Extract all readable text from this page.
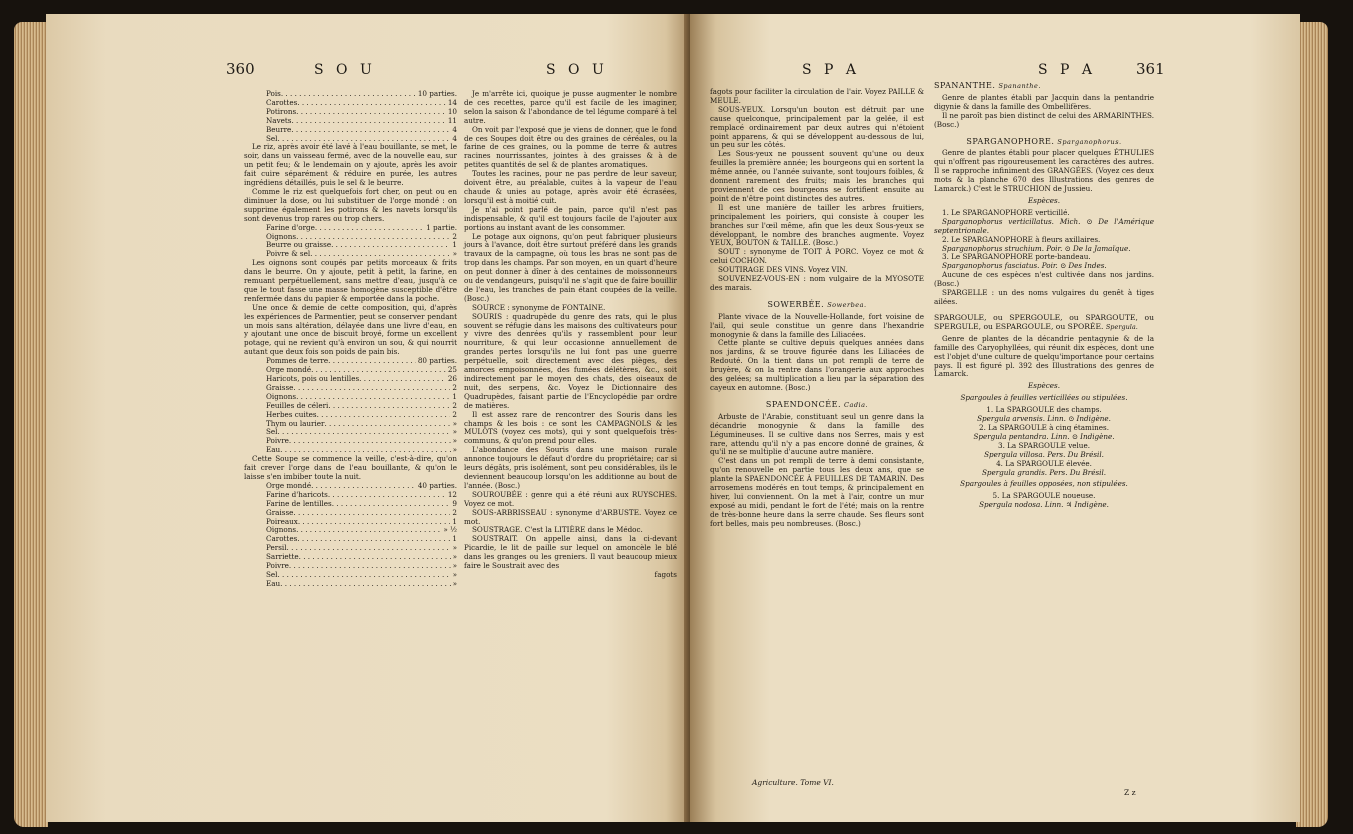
360	S O U	S O U
Pois . . .	10 parties.
Carottes . . .	14
Potirons . . .	10
Navets . . .	11
Beurre . . .	4
Sel . . .	4

Le riz, après avoir été lavé à l'eau bouillante, se met, le soir, dans un vaisseau fermé, avec de la nouvelle eau, sur un petit feu; & le lendemain on y ajoute, après les avoir fait cuire séparément & réduire en purée, les autres ingrédiens détaillés, puis le sel & le beurre.

Comme le riz est quelquefois fort cher, on peut ou en diminuer la dose, ou lui substituer de l'orge mondé : on supprime également les potirons & les navets lorsqu'ils sont devenus trop rares ou trop chers.

Farine d'orge . . .	1 partie.
Oignons . . .	2
Beurre ou graisse . . .	1
Poivre & sel . . .	»

Les oignons sont coupés par petits morceaux & frits dans le beurre. On y ajoute, petit à petit, la farine, en remuant perpétuellement, sans mettre d'eau, jusqu'à ce que le tout fasse une masse homogène susceptible d'être renfermée dans du papier & emportée dans la poche.

Une once & demie de cette composition, qui, d'après les expériences de Parmentier, peut se conserver pendant un mois sans altération, délayée dans une livre d'eau, en y ajoutant une once de biscuit broyé, forme un excellent potage, qui ne revient qu'à environ un sou, & qui nourrit autant que deux fois son poids de pain bis.

Pommes de terre . . .	80 parties.
Orge mondé . . .	25
Haricots, pois ou lentilles . . .	26
Graisse . . .	2
Oignons . . .	1
Feuilles de céleri . . .	2
Herbes cuites . . .	2
Thym ou laurier . . .	»
Sel . . .	»
Poivre . . .	»
Eau . . .	»

Cette Soupe se commence la veille, c'est-à-dire, qu'on fait crever l'orge dans de l'eau bouillante, & qu'on le laisse s'en imbiber toute la nuit.

Orge mondé . . .	40 parties.
Farine d'haricots . . .	12
Farine de lentilles . . .	9
Graisse . . .	2
Poireaux . . .	1
Oignons . . .	» ½
Carottes . . .	1
Persil . . .	»
Sarriette . . .	»
Poivre . . .	»
Sel . . .	»
Eau . . .	»

Je m'arrête ici, quoique je pusse augmenter le nombre de ces recettes, parce qu'il est facile de les imaginer, selon la saison & l'abondance de tel légume comparé à tel autre.

On voit par l'exposé que je viens de donner, que le fond de ces Soupes doit être ou des graines de céréales, ou la farine de ces graines, ou la pomme de terre & autres racines nourrissantes, jointes à des graisses & à de petites quantités de sel & de plantes aromatiques.

Toutes les racines, pour ne pas perdre de leur saveur, doivent être, au préalable, cuites à la vapeur de l'eau chaude & unies au potage, après avoir été écrasées, lorsqu'il est à moitié cuit.

Je n'ai point parlé de pain, parce qu'il n'est pas indispensable, & qu'il est toujours facile de l'ajouter aux portions au instant avant de les consommer.

Le potage aux oignons, qu'on peut fabriquer plusieurs jours à l'avance, doit être surtout préféré dans les grands travaux de la campagne, où tous les bras ne sont pas de trop dans les champs. Par son moyen, en un quart d'heure on peut donner à dîner à des centaines de moissonneurs ou de vendangeurs, puisqu'il ne s'agit que de faire bouillir de l'eau, les tranches de pain étant coupées de la veille. (Bosc.)

SOURCE : synonyme de FONTAINE.

SOURIS : quadrupède du genre des rats, qui le plus souvent se réfugie dans les maisons des cultivateurs pour y vivre des denrées qu'ils y rassemblent pour leur nourriture, & qui leur occasionne annuellement de grandes pertes lorsqu'ils ne lui font pas une guerre perpétuelle, soit directement avec des pièges, des amorces empoisonnées, des fumées délétères, &c., soit indirectement par le moyen des chats, des oiseaux de nuit, des serpens, &c. Voyez le Dictionnaire des Quadrupèdes, faisant partie de l'Encyclopédie par ordre de matières.

Il est assez rare de rencontrer des Souris dans les champs & les bois : ce sont les CAMPAGNOLS & les MULOTS (voyez ces mots), qui y sont quelquefois très-communs, & qu'on prend pour elles.

L'abondance des Souris dans une maison rurale annonce toujours le défaut d'ordre du propriétaire; car si leurs dégâts, pris isolément, sont peu considérables, ils le deviennent beaucoup lorsqu'on les additionne au bout de l'année. (Bosc.)

SOUROUBÉE : genre qui a été réuni aux RUYSCHES. Voyez ce mot.

SOUS-ARBRISSEAU : synonyme d'ARBUSTE. Voyez ce mot.

SOUSTRAGE. C'est la LITIÈRE dans le Médoc.

SOUSTRAIT. On appelle ainsi, dans la ci-devant Picardie, le lit de paille sur lequel on amoncèle le blé dans les granges ou les greniers. Il vaut beaucoup mieux faire le Soustrait avec des

fagots
S P A	S P A	361

fagots pour faciliter la circulation de l'air. Voyez PAILLE & MEULE.

SOUS-YEUX. Lorsqu'un bouton est détruit par une cause quelconque, principalement par la gelée, il est remplacé ordinairement par deux autres qui n'étoient point apparens, & qui se développent au-dessous de lui, un peu sur les côtés.

Les Sous-yeux ne poussent souvent qu'une ou deux feuilles la première année; les bourgeons qui en sortent la même année, ou l'année suivante, sont toujours foibles, & donnent rarement des fruits; mais les branches qui proviennent de ces bourgeons se fortifient ensuite au point de n'être point distinctes des autres.

Il est une manière de tailler les arbres fruitiers, principalement les poiriers, qui consiste à couper les branches sur l'œil même, afin que les deux Sous-yeux se développant, le nombre des branches augmente. Voyez YEUX, BOUTON & TAILLE. (Bosc.)

SOUT : synonyme de TOIT À PORC. Voyez ce mot & celui COCHON.

SOUTIRAGE DES VINS. Voyez VIN.

SOUVENEZ-VOUS-EN : nom vulgaire de la MYOSOTE des marais.

SOWERBÉE. Sowerbea.

Plante vivace de la Nouvelle-Hollande, fort voisine de l'ail, qui seule constitue un genre dans l'hexandrie monogynie & dans la famille des Liliacées.

Cette plante se cultive depuis quelques années dans nos jardins, & se trouve figurée dans les Liliacées de Redouté. On la tient dans un pot rempli de terre de bruyère, & on la rentre dans l'orangerie aux approches des gelées; sa multiplication a lieu par la séparation des cayeux en automne. (Bosc.)

SPAENDONCÉE. Cadia.

Arbuste de l'Arabie, constituant seul un genre dans la décandrie monogynie & dans la famille des Légumineuses. Il se cultive dans nos Serres, mais y est rare, attendu qu'il n'y a pas encore donné de graines, & qu'il ne se multiplie d'aucune autre manière.

C'est dans un pot rempli de terre à demi consistante, qu'on renouvelle en partie tous les deux ans, que se plante la SPAENDONCÉE À FEUILLES DE TAMARIN. Des arrosemens modérés en tout temps, & principalement en hiver, lui conviennent. On la met à l'air, contre un mur exposé au midi, pendant le fort de l'été; mais on la rentre de très-bonne heure dans la serre chaude. Ses fleurs sont fort belles, mais peu nombreuses. (Bosc.)

Agriculture. Tome VI.
SPANANTHE. Spananthe.

Genre de plantes établi par Jacquin dans la pentandrie digynie & dans la famille des Ombellifères.

Il ne paroît pas bien distinct de celui des ARMARINTHES. (Bosc.)

SPARGANOPHORE. Sparganophorus.

Genre de plantes établi pour placer quelques ÉTHULIES qui n'offrent pas rigoureusement les caractères des autres. Il se rapproche infiniment des GRANGÉES. (Voyez ces deux mots & la planche 670 des Illustrations des genres de Lamarck.) C'est le STRUCHION de Jussieu.

Espèces.

1. Le SPARGANOPHORE verticillé.

Sparganophorus verticillatus. Mich. ⊙ De l'Amérique septentrionale.

2. Le SPARGANOPHORE à fleurs axillaires.

Sparganophorus struchium. Poir. ⊙ De la Jamaïque.

3. Le SPARGANOPHORE porte-bandeau.

Sparganophorus fasciatus. Poir. ⊙ Des Indes.

Aucune de ces espèces n'est cultivée dans nos jardins. (Bosc.)

SPARGELLE : un des noms vulgaires du genêt à tiges ailées.

SPARGOULE, ou SPERGOULE, ou SPARGOUTE, ou SPERGULE, ou ESPARGOULE, ou SPORÉE. Spergula.

Genre de plantes de la décandrie pentagynie & de la famille des Caryophyllées, qui réunit dix espèces, dont une est l'objet d'une culture de quelqu'importance pour certains pays. Il est figuré pl. 392 des Illustrations des genres de Lamarck.

Espèces.
Spargoules à feuilles verticillées ou stipulées.
1. La SPARGOULE des champs.
Spergula arvensis. Linn. ⊙ Indigène.
2. La SPARGOULE à cinq étamines.
Spergula pentandra. Linn. ⊙ Indigène.
3. La SPARGOULE velue.
Spergula villosa. Pers. Du Brésil.
4. La SPARGOULE élevée.
Spergula grandis. Pers. Du Brésil.
Spargoules à feuilles opposées, non stipulées.
5. La SPARGOULE noueuse.
Spergula nodosa. Linn. ♃ Indigène.
Z z
